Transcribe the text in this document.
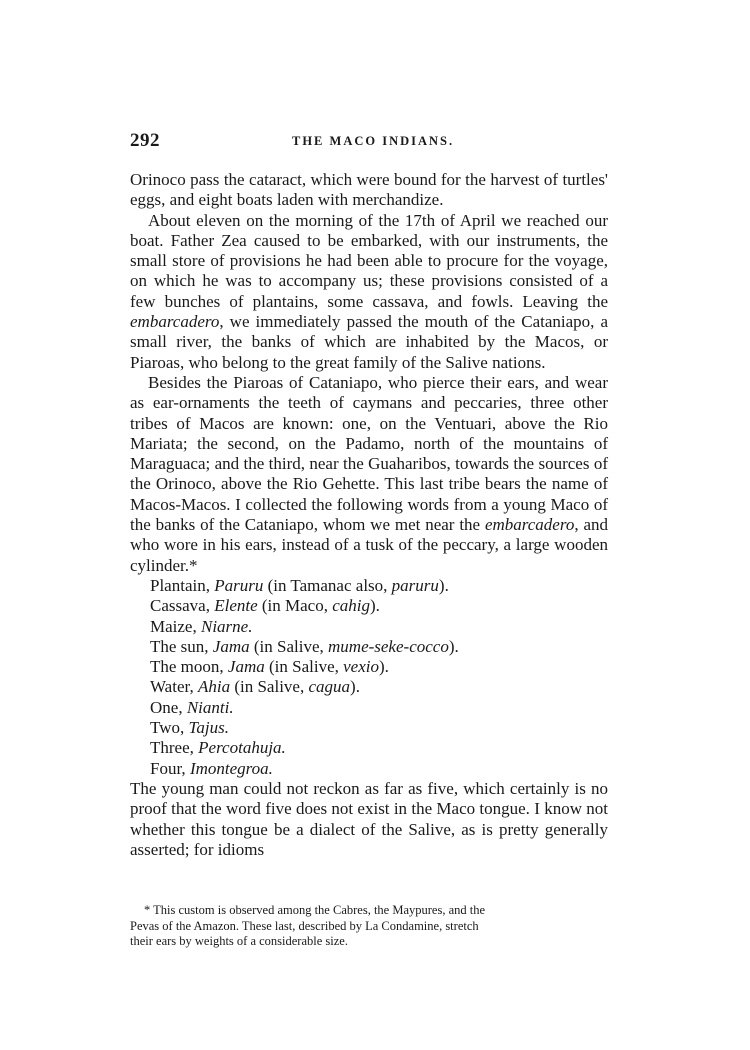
292	THE MACO INDIANS.

Orinoco pass the cataract, which were bound for the harvest of turtles' eggs, and eight boats laden with merchandize.

About eleven on the morning of the 17th of April we reached our boat. Father Zea caused to be embarked, with our instruments, the small store of provisions he had been able to procure for the voyage, on which he was to accompany us; these provisions consisted of a few bunches of plantains, some cassava, and fowls. Leaving the embarcadero, we immediately passed the mouth of the Cataniapo, a small river, the banks of which are inhabited by the Macos, or Piaroas, who belong to the great family of the Salive nations.

Besides the Piaroas of Cataniapo, who pierce their ears, and wear as ear-ornaments the teeth of caymans and peccaries, three other tribes of Macos are known: one, on the Ventuari, above the Rio Mariata; the second, on the Padamo, north of the mountains of Maraguaca; and the third, near the Guaharibos, towards the sources of the Orinoco, above the Rio Gehette. This last tribe bears the name of Macos-Macos. I collected the following words from a young Maco of the banks of the Cataniapo, whom we met near the embarcadero, and who wore in his ears, instead of a tusk of the peccary, a large wooden cylinder.*

Plantain, Paruru (in Tamanac also, paruru).
Cassava, Elente (in Maco, cahig).
Maize, Niarne.
The sun, Jama (in Salive, mume-seke-cocco).
The moon, Jama (in Salive, vexio).
Water, Ahia (in Salive, cagua).
One, Nianti.
Two, Tajus.
Three, Percotahuja.
Four, Imontegroa.

The young man could not reckon as far as five, which certainly is no proof that the word five does not exist in the Maco tongue. I know not whether this tongue be a dialect of the Salive, as is pretty generally asserted; for idioms

* This custom is observed among the Cabres, the Maypures, and the
Pevas of the Amazon. These last, described by La Condamine, stretch
their ears by weights of a considerable size.
